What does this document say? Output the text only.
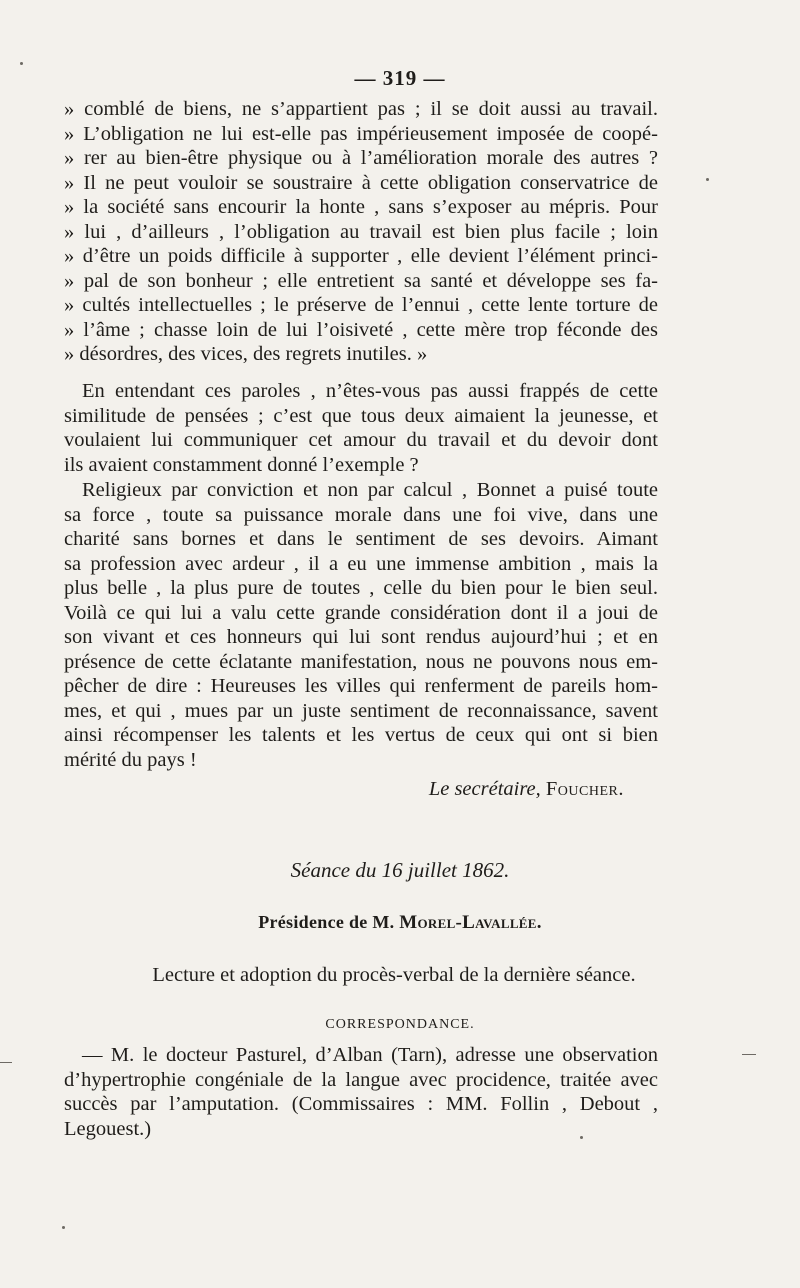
— 319 —
» comblé de biens, ne s’appartient pas ; il se doit aussi au travail.
» L’obligation ne lui est-elle pas impérieusement imposée de coopé-
» rer au bien-être physique ou à l’amélioration morale des autres ?
» Il ne peut vouloir se soustraire à cette obligation conservatrice de
» la société sans encourir la honte , sans s’exposer au mépris. Pour
» lui , d’ailleurs , l’obligation au travail est bien plus facile ; loin
» d’être un poids difficile à supporter , elle devient l’élément princi-
» pal de son bonheur ; elle entretient sa santé et développe ses fa-
» cultés intellectuelles ; le préserve de l’ennui , cette lente torture de
» l’âme ; chasse loin de lui l’oisiveté , cette mère trop féconde des
» désordres, des vices, des regrets inutiles. »
En entendant ces paroles , n’êtes-vous pas aussi frappés de cette
similitude de pensées ; c’est que tous deux aimaient la jeunesse, et
voulaient lui communiquer cet amour du travail et du devoir dont
ils avaient constamment donné l’exemple ?
Religieux par conviction et non par calcul , Bonnet a puisé toute
sa force , toute sa puissance morale dans une foi vive, dans une
charité sans bornes et dans le sentiment de ses devoirs. Aimant
sa profession avec ardeur , il a eu une immense ambition , mais la
plus belle , la plus pure de toutes , celle du bien pour le bien seul.
Voilà ce qui lui a valu cette grande considération dont il a joui de
son vivant et ces honneurs qui lui sont rendus aujourd’hui ; et en
présence de cette éclatante manifestation, nous ne pouvons nous em-
pêcher de dire : Heureuses les villes qui renferment de pareils hom-
mes, et qui , mues par un juste sentiment de reconnaissance, savent
ainsi récompenser les talents et les vertus de ceux qui ont si bien
mérité du pays !
Le secrétaire, Foucher.
Séance du 16 juillet 1862.
Présidence de M. Morel-Lavallée.
Lecture et adoption du procès-verbal de la dernière séance.
CORRESPONDANCE.
— M. le docteur Pasturel, d’Alban (Tarn), adresse une observation
d’hypertrophie congéniale de la langue avec procidence, traitée avec
succès par l’amputation. (Commissaires : MM. Follin , Debout ,
Legouest.)
